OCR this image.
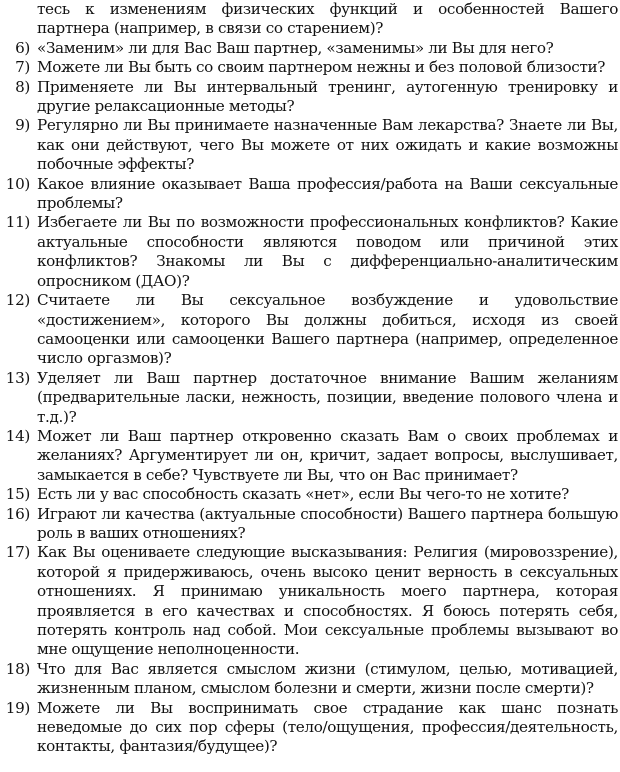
тесь к изменениям физических функций и особенностей Вашего партнера (например, в связи со старением)?
6) «Заменим» ли для Вас Ваш партнер, «заменимы» ли Вы для него?
7) Можете ли Вы быть со своим партнером нежны и без половой близости?
8) Применяете ли Вы интервальный тренинг, аутогенную тренировку и другие релаксационные методы?
9) Регулярно ли Вы принимаете назначенные Вам лекарства? Знаете ли Вы, как они действуют, чего Вы можете от них ожидать и какие возможны побочные эффекты?
10) Какое влияние оказывает Ваша профессия/работа на Ваши сексуальные проблемы?
11) Избегаете ли Вы по возможности профессиональных конфликтов? Какие актуальные способности являются поводом или причиной этих конфликтов? Знакомы ли Вы с дифференциально-аналитическим опросником (ДАО)?
12) Считаете ли Вы сексуальное возбуждение и удовольствие «достижением», которого Вы должны добиться, исходя из своей самооценки или самооценки Вашего партнера (например, определенное число оргазмов)?
13) Уделяет ли Ваш партнер достаточное внимание Вашим желаниям (предварительные ласки, нежность, позиции, введение полового члена и т.д.)?
14) Может ли Ваш партнер откровенно сказать Вам о своих проблемах и желаниях? Аргументирует ли он, кричит, задает вопросы, выслушивает, замыкается в себе? Чувствуете ли Вы, что он Вас принимает?
15) Есть ли у вас способность сказать «нет», если Вы чего-то не хотите?
16) Играют ли качества (актуальные способности) Вашего партнера большую роль в ваших отношениях?
17) Как Вы оцениваете следующие высказывания: Религия (мировоззрение), которой я придерживаюсь, очень высоко ценит верность в сексуальных отношениях. Я принимаю уникальность моего партнера, которая проявляется в его качествах и способностях. Я боюсь потерять себя, потерять контроль над собой. Мои сексуальные проблемы вызывают во мне ощущение неполноценности.
18) Что для Вас является смыслом жизни (стимулом, целью, мотивацией, жизненным планом, смыслом болезни и смерти, жизни после смерти)?
19) Можете ли Вы воспринимать свое страдание как шанс познать неведомые до сих пор сферы (тело/ощущения, профессия/деятельность, контакты, фантазия/будущее)?
